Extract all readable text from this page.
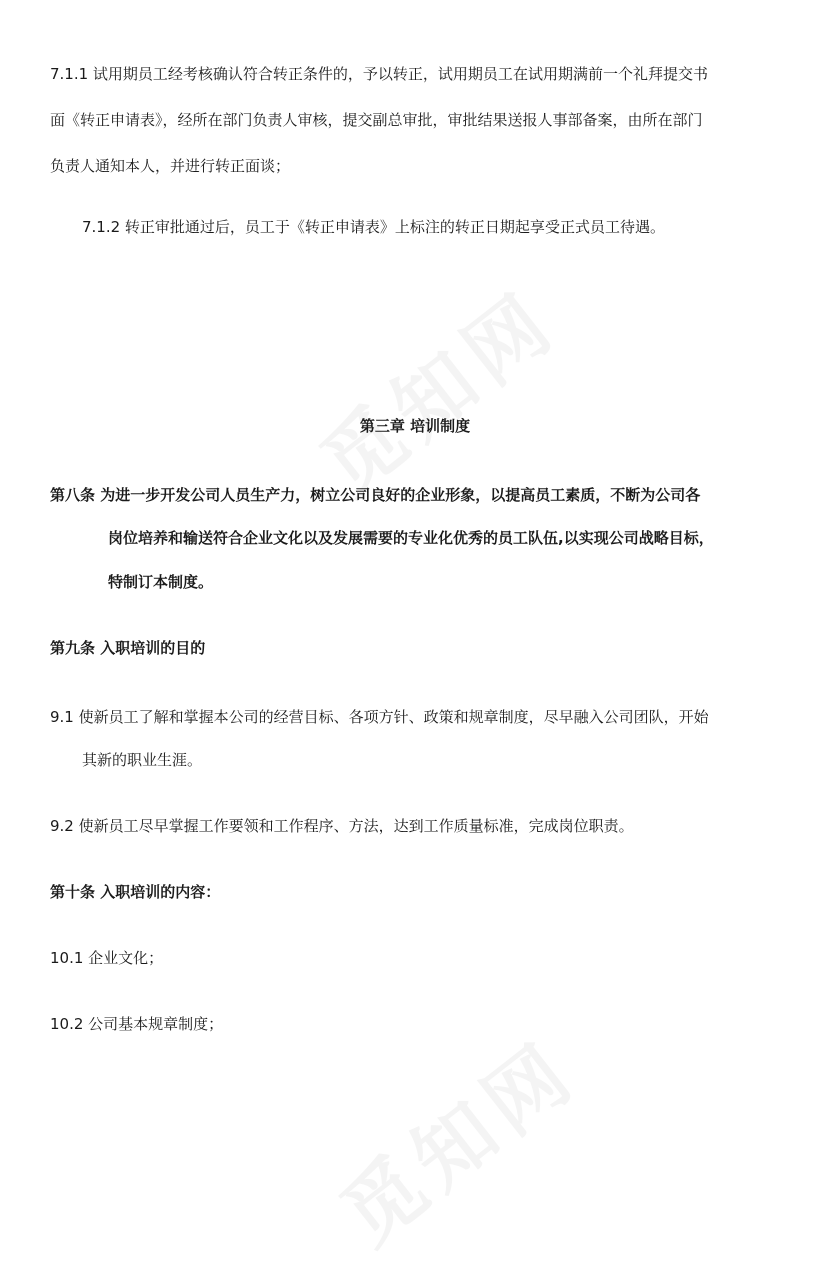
7.1.1 试用期员工经考核确认符合转正条件的，予以转正，试用期员工在试用期满前一个礼拜提交书
面《转正申请表》，经所在部门负责人审核，提交副总审批，审批结果送报人事部备案，由所在部门
负责人通知本人，并进行转正面谈；
7.1.2 转正审批通过后，员工于《转正申请表》上标注的转正日期起享受正式员工待遇。
第三章 培训制度
第八条 为进一步开发公司人员生产力，树立公司良好的企业形象，以提高员工素质，不断为公司各
岗位培养和输送符合企业文化以及发展需要的专业化优秀的员工队伍,以实现公司战略目标，
特制订本制度。
第九条 入职培训的目的
9.1 使新员工了解和掌握本公司的经营目标、各项方针、政策和规章制度，尽早融入公司团队，开始
其新的职业生涯。
9.2 使新员工尽早掌握工作要领和工作程序、方法，达到工作质量标准，完成岗位职责。
第十条 入职培训的内容：
10.1 企业文化；
10.2 公司基本规章制度；
